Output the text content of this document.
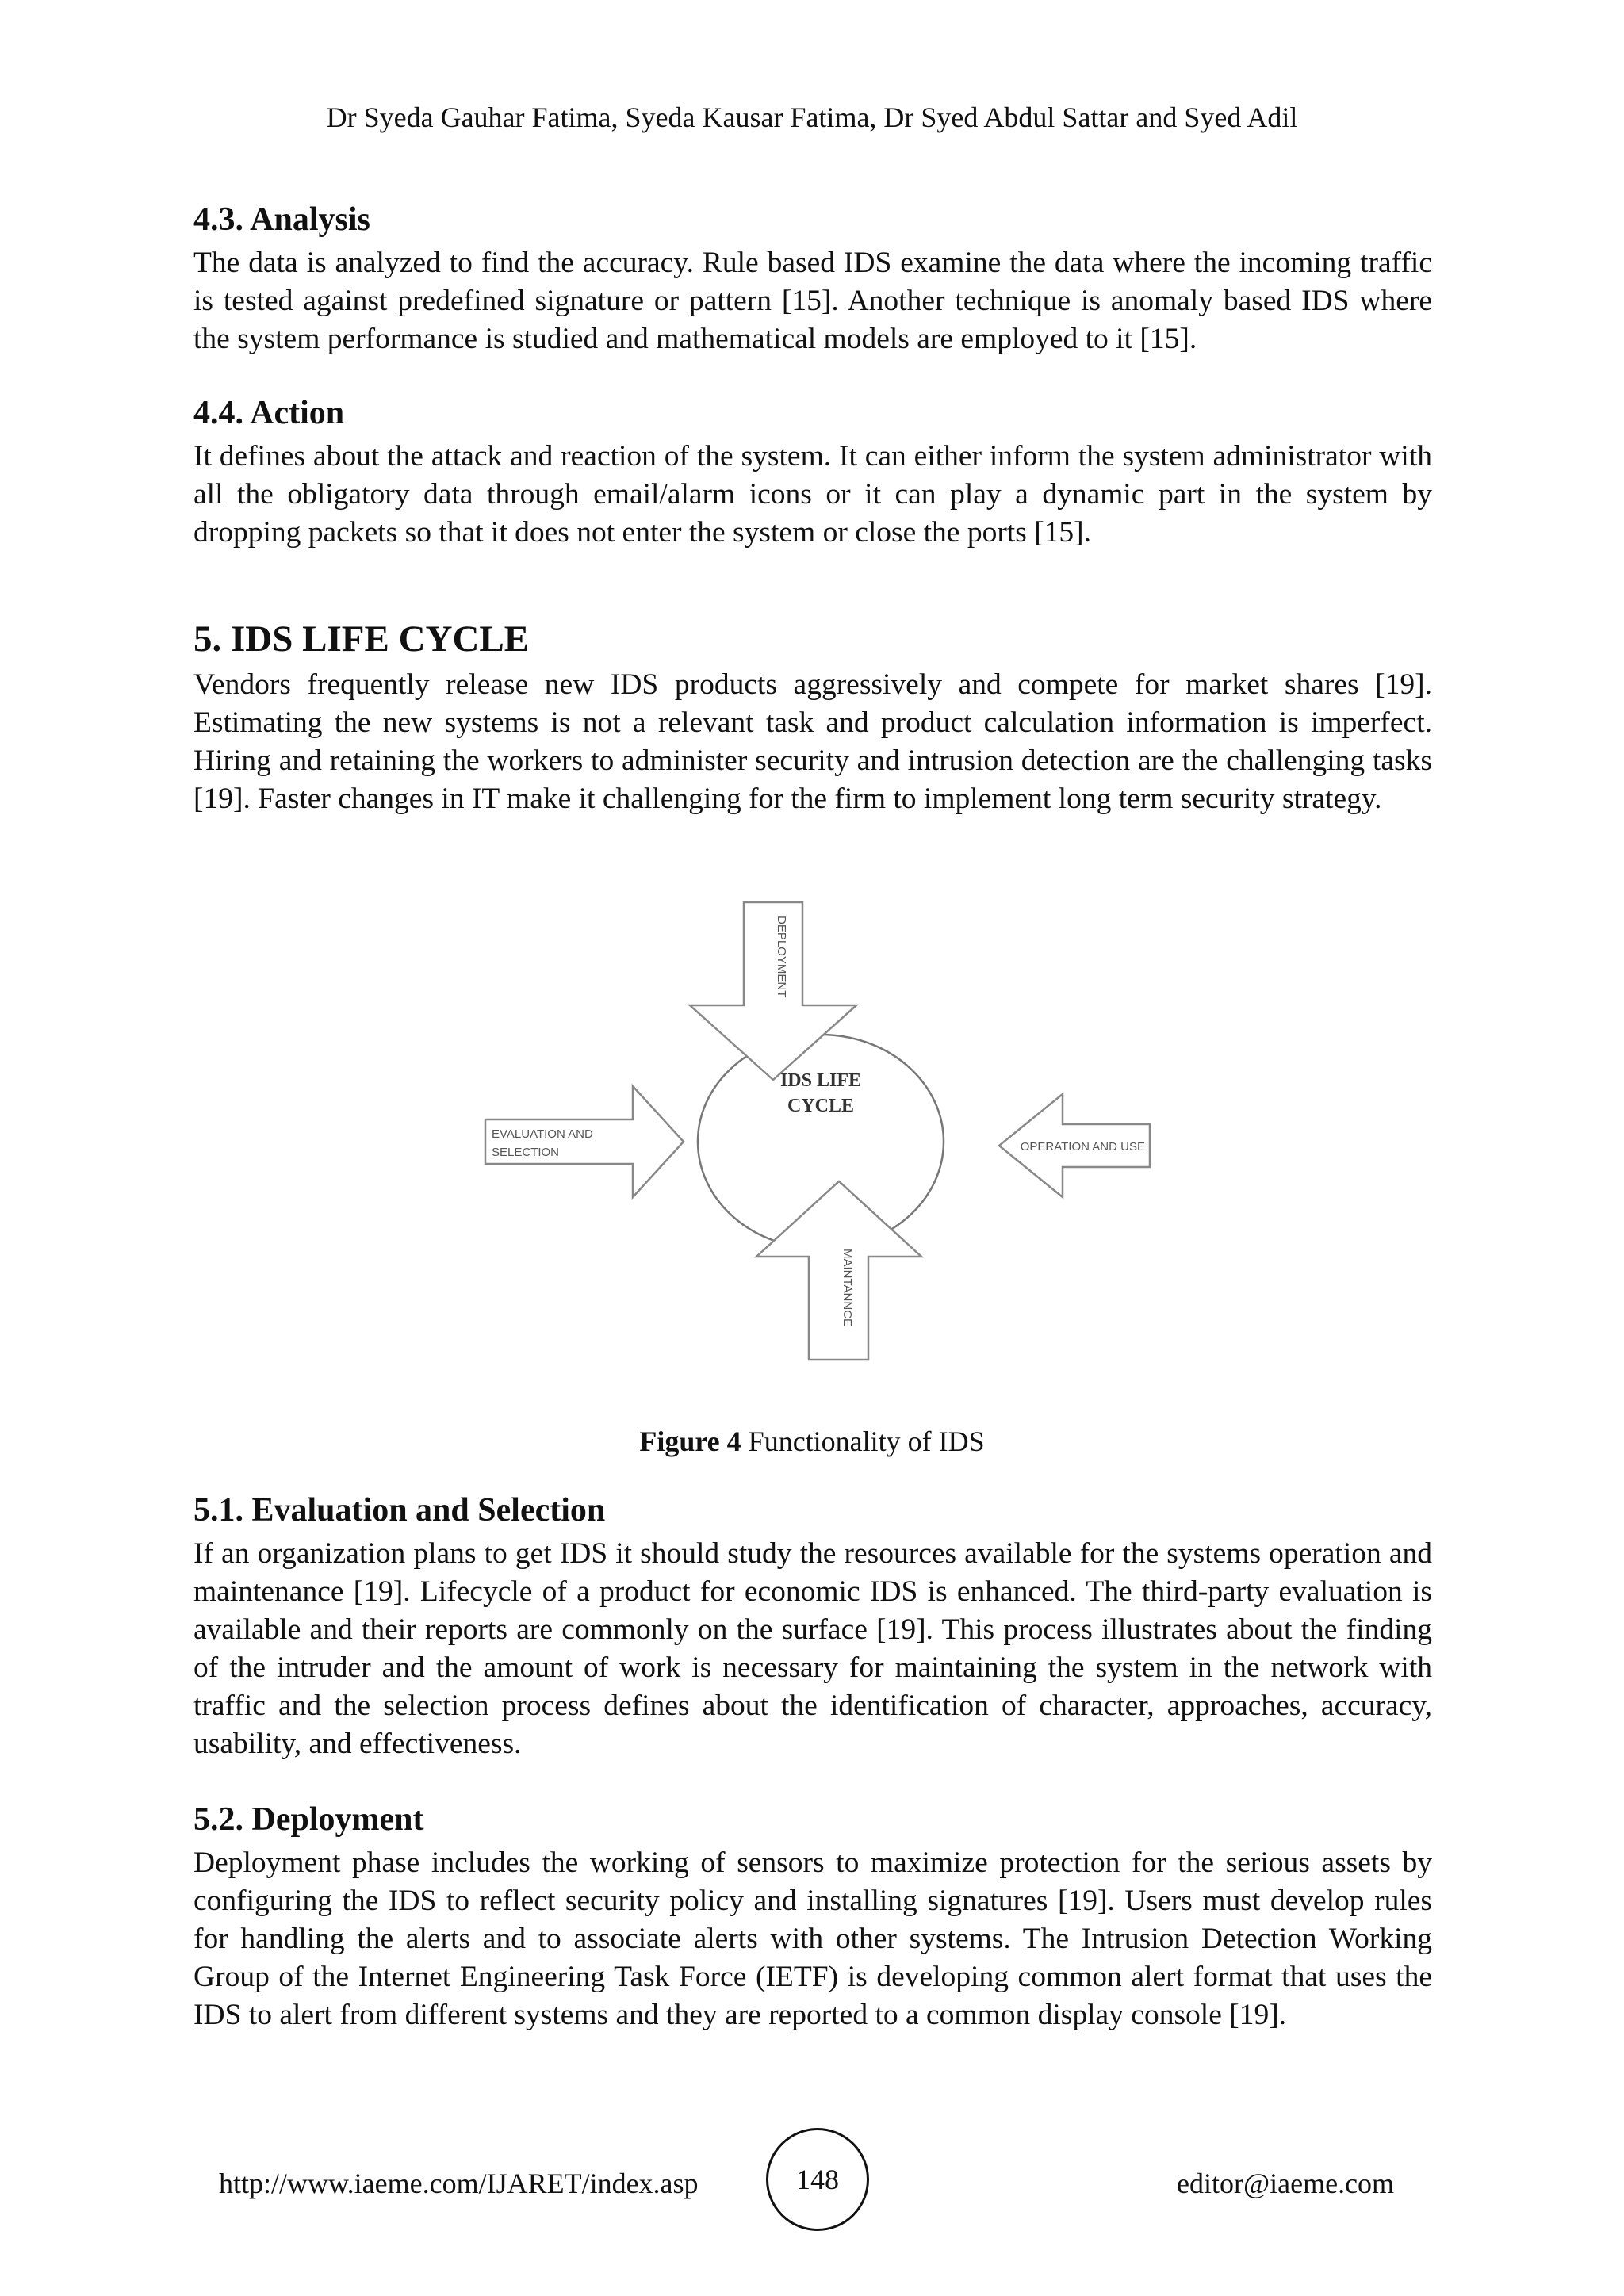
Dr Syeda Gauhar Fatima, Syeda Kausar Fatima, Dr Syed Abdul Sattar and Syed Adil
4.3. Analysis

The data is analyzed to find the accuracy. Rule based IDS examine the data where the incoming traffic is tested against predefined signature or pattern [15]. Another technique is anomaly based IDS where the system performance is studied and mathematical models are employed to it [15].

4.4. Action

It defines about the attack and reaction of the system. It can either inform the system administrator with all the obligatory data through email/alarm icons or it can play a dynamic part in the system by dropping packets so that it does not enter the system or close the ports [15].

5. IDS LIFE CYCLE

Vendors frequently release new IDS products aggressively and compete for market shares [19]. Estimating the new systems is not a relevant task and product calculation information is imperfect. Hiring and retaining the workers to administer security and intrusion detection are the challenging tasks [19]. Faster changes in IT make it challenging for the firm to implement long term security strategy.

IDS LIFE
CYCLE
DEPLOYMENT
MAINTANNCE
EVALUATION AND
SELECTION	OPERATION AND USE
Figure 4 Functionality of IDS
5.1. Evaluation and Selection

If an organization plans to get IDS it should study the resources available for the systems operation and maintenance [19]. Lifecycle of a product for economic IDS is enhanced. The third-party evaluation is available and their reports are commonly on the surface [19]. This process illustrates about the finding of the intruder and the amount of work is necessary for maintaining the system in the network with traffic and the selection process defines about the identification of character, approaches, accuracy, usability, and effectiveness.

5.2. Deployment

Deployment phase includes the working of sensors to maximize protection for the serious assets by configuring the IDS to reflect security policy and installing signatures [19]. Users must develop rules for handling the alerts and to associate alerts with other systems. The Intrusion Detection Working Group of the Internet Engineering Task Force (IETF) is developing common alert format that uses the IDS to alert from different systems and they are reported to a common display console [19].

http://www.iaeme.com/IJARET/index.asp	148	editor@iaeme.com
